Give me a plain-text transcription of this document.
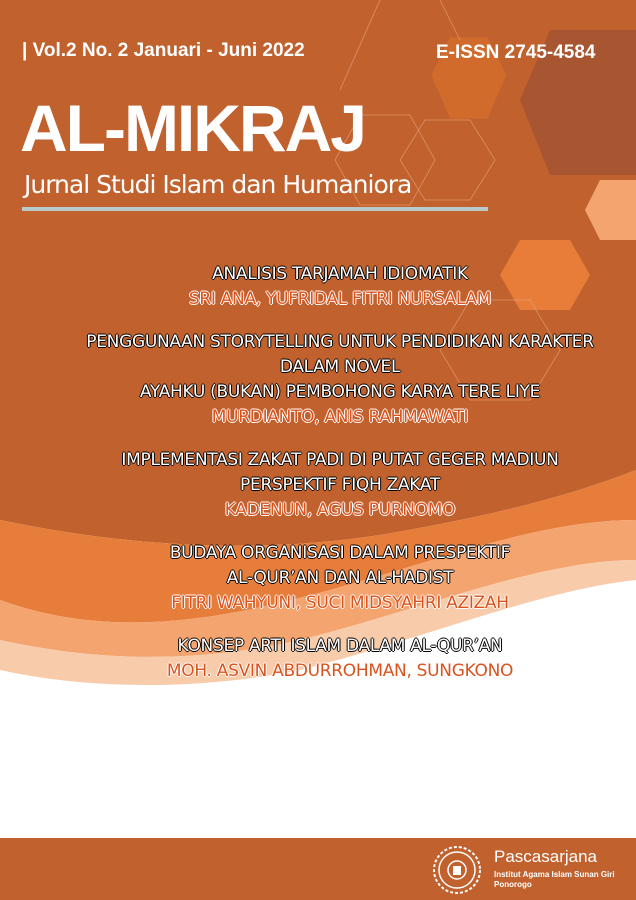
| Vol.2 No. 2 Januari - Juni 2022	E-ISSN 2745-4584
AL-MIKRAJ
Jurnal Studi Islam dan Humaniora
ANALISIS TARJAMAH IDIOMATIK
SRI ANA, YUFRIDAL FITRI NURSALAM
PENGGUNAAN STORYTELLING UNTUK PENDIDIKAN KARAKTER
DALAM NOVEL
AYAHKU (BUKAN) PEMBOHONG KARYA TERE LIYE
MURDIANTO, ANIS RAHMAWATI
IMPLEMENTASI ZAKAT PADI DI PUTAT GEGER MADIUN
PERSPEKTIF FIQH ZAKAT
KADENUN, AGUS PURNOMO
BUDAYA ORGANISASI DALAM PRESPEKTIF
AL-QUR’AN DAN AL-HADIST
FITRI WAHYUNI, SUCI MIDSYAHRI AZIZAH
KONSEP ARTI ISLAM DALAM AL-QUR’AN
MOH. ASVIN ABDURROHMAN, SUNGKONO
Pascasarjana
Institut Agama Islam Sunan Giri
Ponorogo
